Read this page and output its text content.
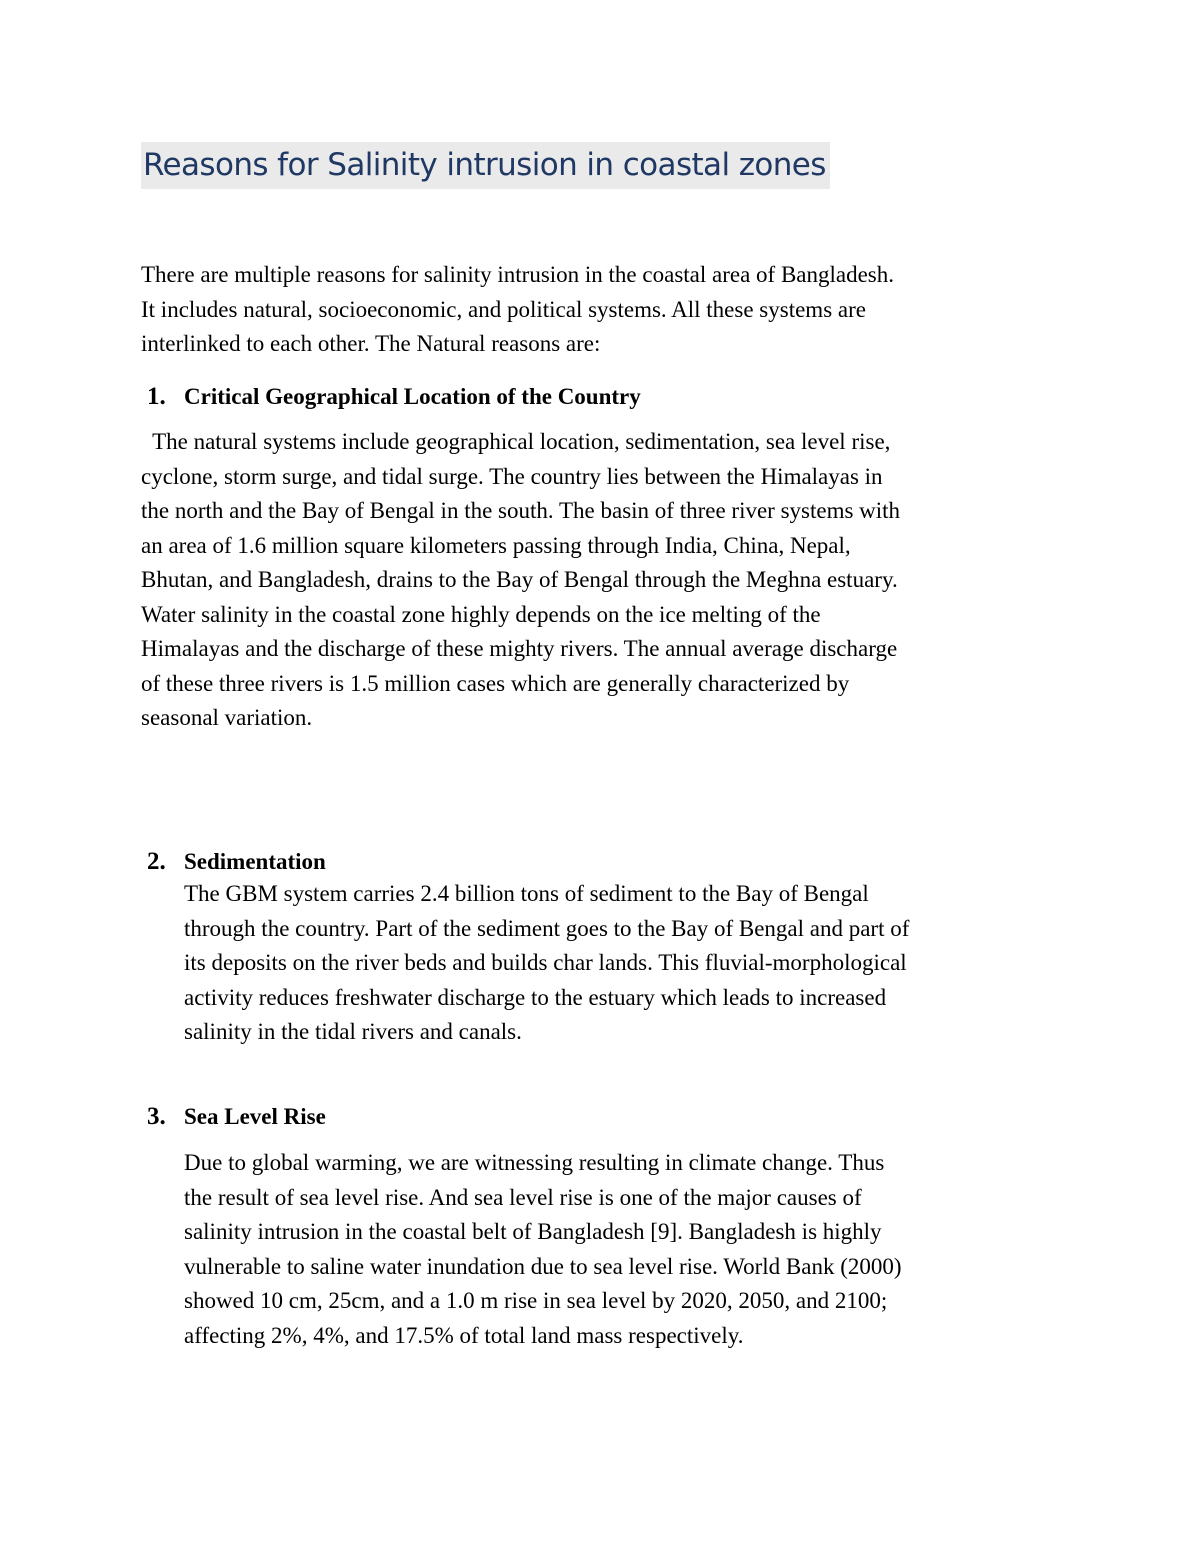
Reasons for Salinity intrusion in coastal zones

There are multiple reasons for salinity intrusion in the coastal area of Bangladesh.
It includes natural, socioeconomic, and political systems. All these systems are
interlinked to each other. The Natural reasons are:

1. Critical Geographical Location of the Country

The natural systems include geographical location, sedimentation, sea level rise,
cyclone, storm surge, and tidal surge. The country lies between the Himalayas in
the north and the Bay of Bengal in the south. The basin of three river systems with
an area of 1.6 million square kilometers passing through India, China, Nepal,
Bhutan, and Bangladesh, drains to the Bay of Bengal through the Meghna estuary.
Water salinity in the coastal zone highly depends on the ice melting of the
Himalayas and the discharge of these mighty rivers. The annual average discharge
of these three rivers is 1.5 million cases which are generally characterized by
seasonal variation.

2. Sedimentation

The GBM system carries 2.4 billion tons of sediment to the Bay of Bengal
through the country. Part of the sediment goes to the Bay of Bengal and part of
its deposits on the river beds and builds char lands. This fluvial-morphological
activity reduces freshwater discharge to the estuary which leads to increased
salinity in the tidal rivers and canals.

3. Sea Level Rise

Due to global warming, we are witnessing resulting in climate change. Thus
the result of sea level rise. And sea level rise is one of the major causes of
salinity intrusion in the coastal belt of Bangladesh [9]. Bangladesh is highly
vulnerable to saline water inundation due to sea level rise. World Bank (2000)
showed 10 cm, 25cm, and a 1.0 m rise in sea level by 2020, 2050, and 2100;
affecting 2%, 4%, and 17.5% of total land mass respectively.
